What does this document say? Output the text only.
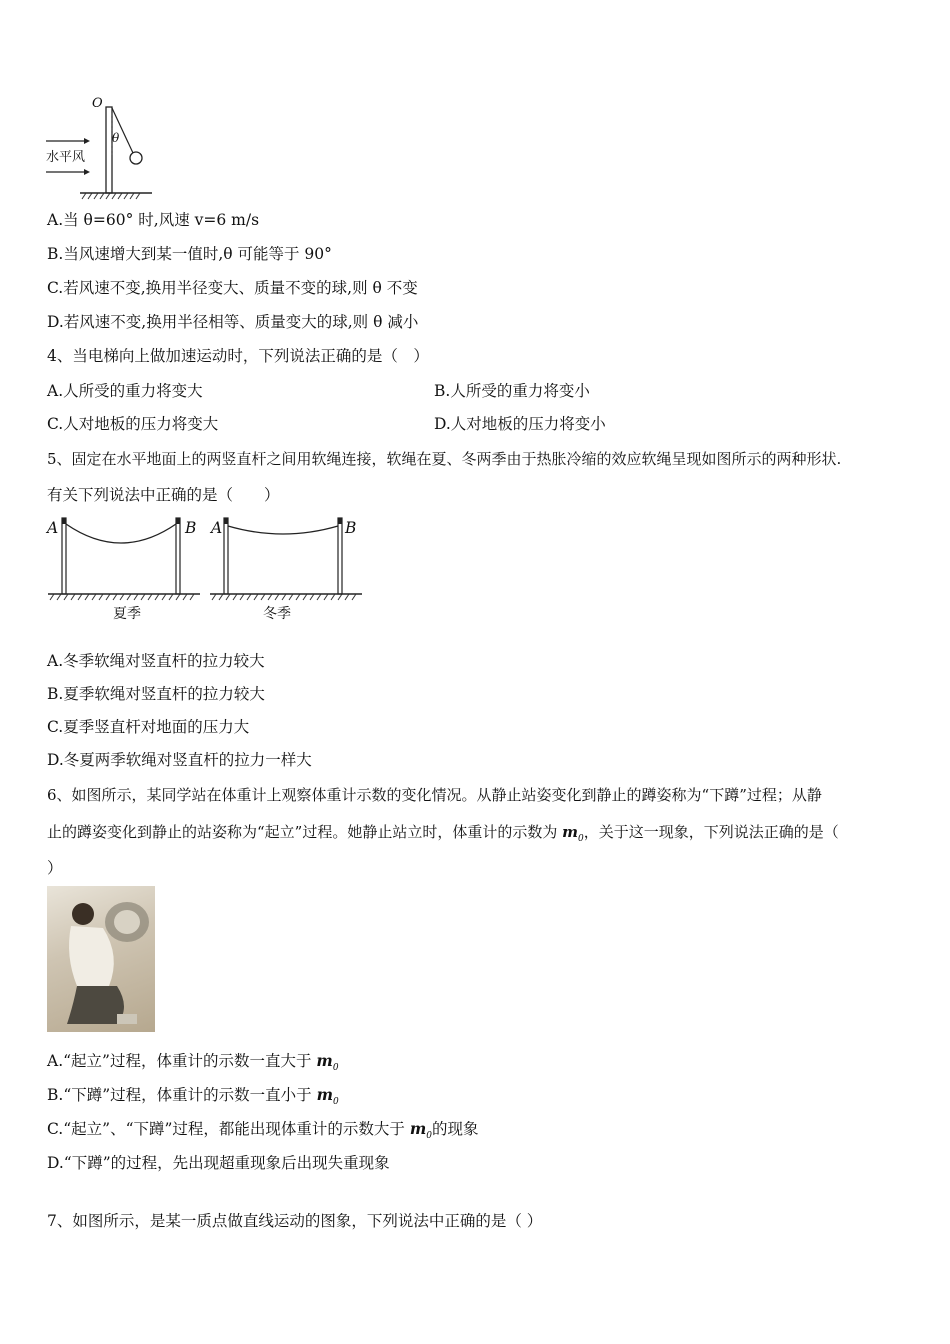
O
θ
水平风
A.当 θ=60° 时,风速 v=6 m/s
B.当风速增大到某一值时,θ 可能等于 90°
C.若风速不变,换用半径变大、质量不变的球,则 θ 不变
D.若风速不变,换用半径相等、质量变大的球,则 θ 减小
4、当电梯向上做加速运动时，下列说法正确的是（　）
A.人所受的重力将变大	B.人所受的重力将变小
C.人对地板的压力将变大	D.人对地板的压力将变小
5、固定在水平地面上的两竖直杆之间用软绳连接，软绳在夏、冬两季由于热胀冷缩的效应软绳呈现如图所示的两种形状.
有关下列说法中正确的是（　　）
A	B A	B
夏季	冬季
A.冬季软绳对竖直杆的拉力较大
B.夏季软绳对竖直杆的拉力较大
C.夏季竖直杆对地面的压力大
D.冬夏两季软绳对竖直杆的拉力一样大
6、如图所示，某同学站在体重计上观察体重计示数的变化情况。从静止站姿变化到静止的蹲姿称为“下蹲”过程；从静
止的蹲姿变化到静止的站姿称为“起立”过程。她静止站立时，体重计的示数为 $m_0$，关于这一现象，下列说法正确的是（
）
A.“起立”过程，体重计的示数一直大于 $m_0$
B.“下蹲”过程，体重计的示数一直小于 $m_0$
C.“起立”、“下蹲”过程，都能出现体重计的示数大于 $m_0$的现象
D.“下蹲”的过程，先出现超重现象后出现失重现象
7、如图所示，是某一质点做直线运动的图象，下列说法中正确的是（ ）
